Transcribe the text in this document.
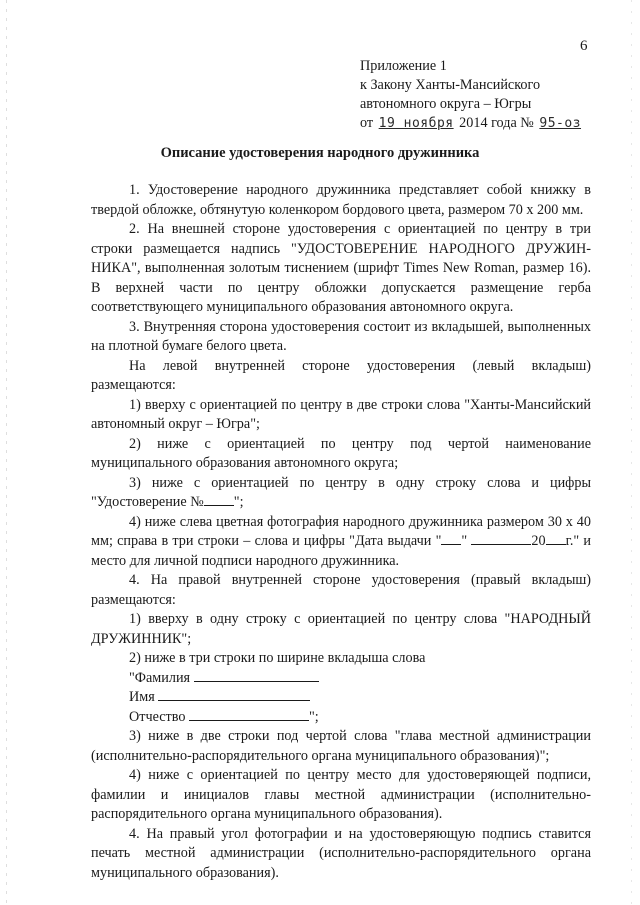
6
Приложение 1
к Закону Ханты-Мансийского
автономного округа – Югры
от 19 ноября 2014 года № 95-оз
Описание удостоверения народного дружинника

1. Удостоверение народного дружинника представляет собой книжку в твердой обложке, обтянутую коленкором бордового цвета, размером 70 х 200 мм.

2. На внешней стороне удостоверения с ориентацией по центру в три строки размещается надпись "УДОСТОВЕРЕНИЕ НАРОДНОГО ДРУЖИН-НИКА", выполненная золотым тиснением (шрифт Times New Roman, размер 16). В верхней части по центру обложки допускается размещение герба соответствующего муниципального образования автономного округа.

3. Внутренняя сторона удостоверения состоит из вкладышей, выполненных на плотной бумаге белого цвета.

На левой внутренней стороне удостоверения (левый вкладыш) размещаются:

1) вверху с ориентацией по центру в две строки слова "Ханты-Мансийский автономный округ – Югра";

2) ниже с ориентацией по центру под чертой наименование муниципального образования автономного округа;

3) ниже с ориентацией по центру в одну строку слова и цифры "Удостоверение № ";

4) ниже слева цветная фотография народного дружинника размером 30 х 40 мм; справа в три строки – слова и цифры "Дата выдачи " "	20 г." и место для личной подписи народного дружинника.

4. На правой внутренней стороне удостоверения (правый вкладыш) размещаются:

1) вверху в одну строку с ориентацией по центру слова "НАРОДНЫЙ ДРУЖИННИК";

2) ниже в три строки по ширине вкладыша слова

"Фамилия

Имя

Отчество	";

3) ниже в две строки под чертой слова "глава местной администрации (исполнительно-распорядительного органа муниципального образования)";

4) ниже с ориентацией по центру место для удостоверяющей подписи, фамилии и инициалов главы местной администрации (исполнительно-распорядительного органа муниципального образования).

4. На правый угол фотографии и на удостоверяющую подпись ставится печать местной администрации (исполнительно-распорядительного органа муниципального образования).
